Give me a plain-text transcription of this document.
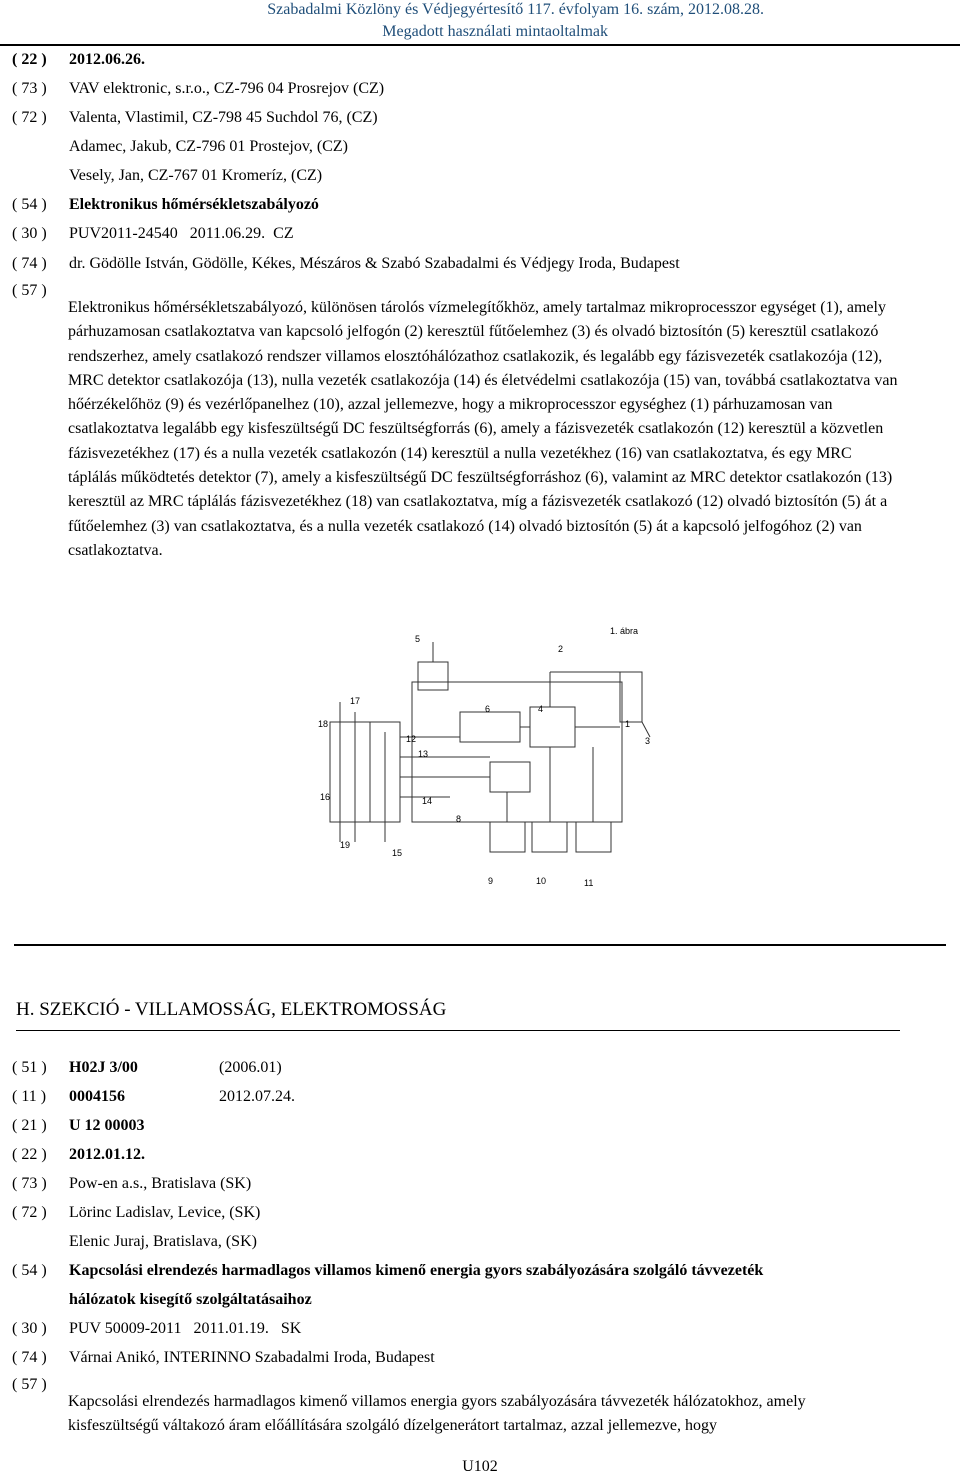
Szabadalmi Közlöny és Védjegyértesítő 117. évfolyam 16. szám, 2012.08.28.
Megadott használati mintaoltalmak
( 22 )	2012.06.26.
( 73 )	VAV elektronic, s.r.o., CZ-796 04 Prosrejov (CZ)
( 72 )	Valenta, Vlastimil, CZ-798 45 Suchdol 76, (CZ)
Adamec, Jakub, CZ-796 01 Prostejov, (CZ)
Vesely, Jan, CZ-767 01 Kromeríz, (CZ)
( 54 )	Elektronikus hőmérsékletszabályozó
( 30 )	PUV2011-24540   2011.06.29.  CZ
( 74 )	dr. Gödölle István, Gödölle, Kékes, Mészáros & Szabó Szabadalmi és Védjegy Iroda, Budapest
( 57 )
Elektronikus hőmérsékletszabályozó, különösen tárolós vízmelegítőkhöz, amely tartalmaz mikroprocesszor egységet (1), amely párhuzamosan csatlakoztatva van kapcsoló jelfogón (2) keresztül fűtőelemhez (3) és olvadó biztosítón (5) keresztül csatlakozó rendszerhez, amely csatlakozó rendszer villamos elosztóhálózathoz csatlakozik, és legalább egy fázisvezeték csatlakozója (12), MRC detektor csatlakozója (13), nulla vezeték csatlakozója (14) és életvédelmi csatlakozója (15) van, továbbá csatlakoztatva van hőérzékelőhöz (9) és vezérlőpanelhez (10), azzal jellemezve, hogy a mikroprocesszor egységhez (1) párhuzamosan van csatlakoztatva legalább egy kisfeszültségű DC feszültségforrás (6), amely a fázisvezeték csatlakozón (12) keresztül a közvetlen fázisvezetékhez (17) és a nulla vezeték csatlakozón (14) keresztül a nulla vezetékhez (16) van csatlakoztatva, és egy MRC táplálás működtetés detektor (7), amely a kisfeszültségű DC feszültségforráshoz (6), valamint az MRC detektor csatlakozón (13) keresztül az MRC táplálás fázisvezetékhez (18) van csatlakoztatva, míg a fázisvezeték csatlakozó (12) olvadó biztosítón (5) át a fűtőelemhez (3) van csatlakoztatva, és a nulla vezeték csatlakozó (14) olvadó biztosítón (5) át a kapcsoló jelfogóhoz (2) van csatlakoztatva.
1. ábra
5
2
17
6	4
18	1
3
12
13
16	14
8
19
15
9	10	11
H. SZEKCIÓ - VILLAMOSSÁG, ELEKTROMOSSÁG
( 51 )	H02J 3/00	(2006.01)
( 11 )	0004156	2012.07.24.
( 21 )	U 12 00003
( 22 )	2012.01.12.
( 73 )	Pow-en a.s., Bratislava (SK)
( 72 )	Lörinc Ladislav, Levice, (SK)
Elenic Juraj, Bratislava, (SK)
( 54 )	Kapcsolási elrendezés harmadlagos villamos kimenő energia gyors szabályozására szolgáló távvezeték
hálózatok kisegítő szolgáltatásaihoz
( 30 )	PUV 50009-2011   2011.01.19.   SK
( 74 )	Várnai Anikó, INTERINNO Szabadalmi Iroda, Budapest
( 57 )
Kapcsolási elrendezés harmadlagos kimenő villamos energia gyors szabályozására távvezeték hálózatokhoz, amely kisfeszültségű váltakozó áram előállítására szolgáló dízelgenerátort tartalmaz, azzal jellemezve, hogy
U102
